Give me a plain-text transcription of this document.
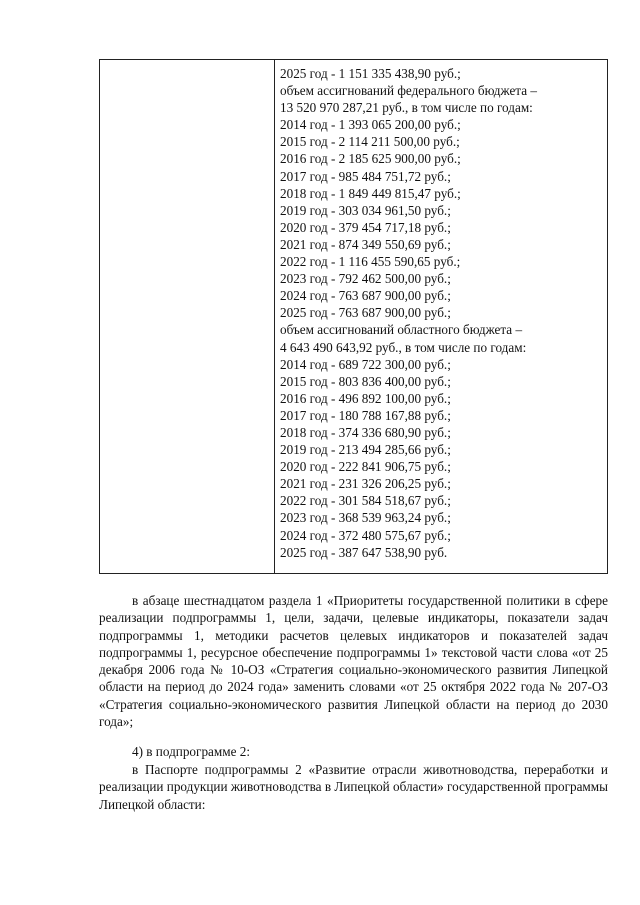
2025 год - 1 151 335 438,90 руб.;
объем ассигнований федерального бюджета –
13 520 970 287,21 руб., в том числе по годам:
2014 год - 1 393 065 200,00 руб.;
2015 год - 2 114 211 500,00 руб.;
2016 год - 2 185 625 900,00 руб.;
2017 год - 985 484 751,72 руб.;
2018 год - 1 849 449 815,47 руб.;
2019 год - 303 034 961,50 руб.;
2020 год - 379 454 717,18 руб.;
2021 год - 874 349 550,69 руб.;
2022 год - 1 116 455 590,65 руб.;
2023 год - 792 462 500,00 руб.;
2024 год - 763 687 900,00 руб.;
2025 год - 763 687 900,00 руб.;
объем ассигнований областного бюджета –
4 643 490 643,92 руб., в том числе по годам:
2014 год - 689 722 300,00 руб.;
2015 год - 803 836 400,00 руб.;
2016 год - 496 892 100,00 руб.;
2017 год - 180 788 167,88 руб.;
2018 год - 374 336 680,90 руб.;
2019 год - 213 494 285,66 руб.;
2020 год - 222 841 906,75 руб.;
2021 год - 231 326 206,25 руб.;
2022 год - 301 584 518,67 руб.;
2023 год - 368 539 963,24 руб.;
2024 год - 372 480 575,67 руб.;
2025 год - 387 647 538,90 руб.
в абзаце шестнадцатом раздела 1 «Приоритеты государственной политики в сфере реализации подпрограммы 1, цели, задачи, целевые индикаторы, показатели задач подпрограммы 1, методики расчетов целевых индикаторов и показателей задач подпрограммы 1, ресурсное обеспечение подпрограммы 1» текстовой части слова «от 25 декабря 2006 года № 10-ОЗ «Стратегия социально-экономического развития Липецкой области на период до 2024 года» заменить словами «от 25 октября 2022 года № 207-ОЗ «Стратегия социально-экономического развития Липецкой области на период до 2030 года»;
4) в подпрограмме 2:
в Паспорте подпрограммы 2 «Развитие отрасли животноводства, переработки и реализации продукции животноводства в Липецкой области» государственной программы Липецкой области:
